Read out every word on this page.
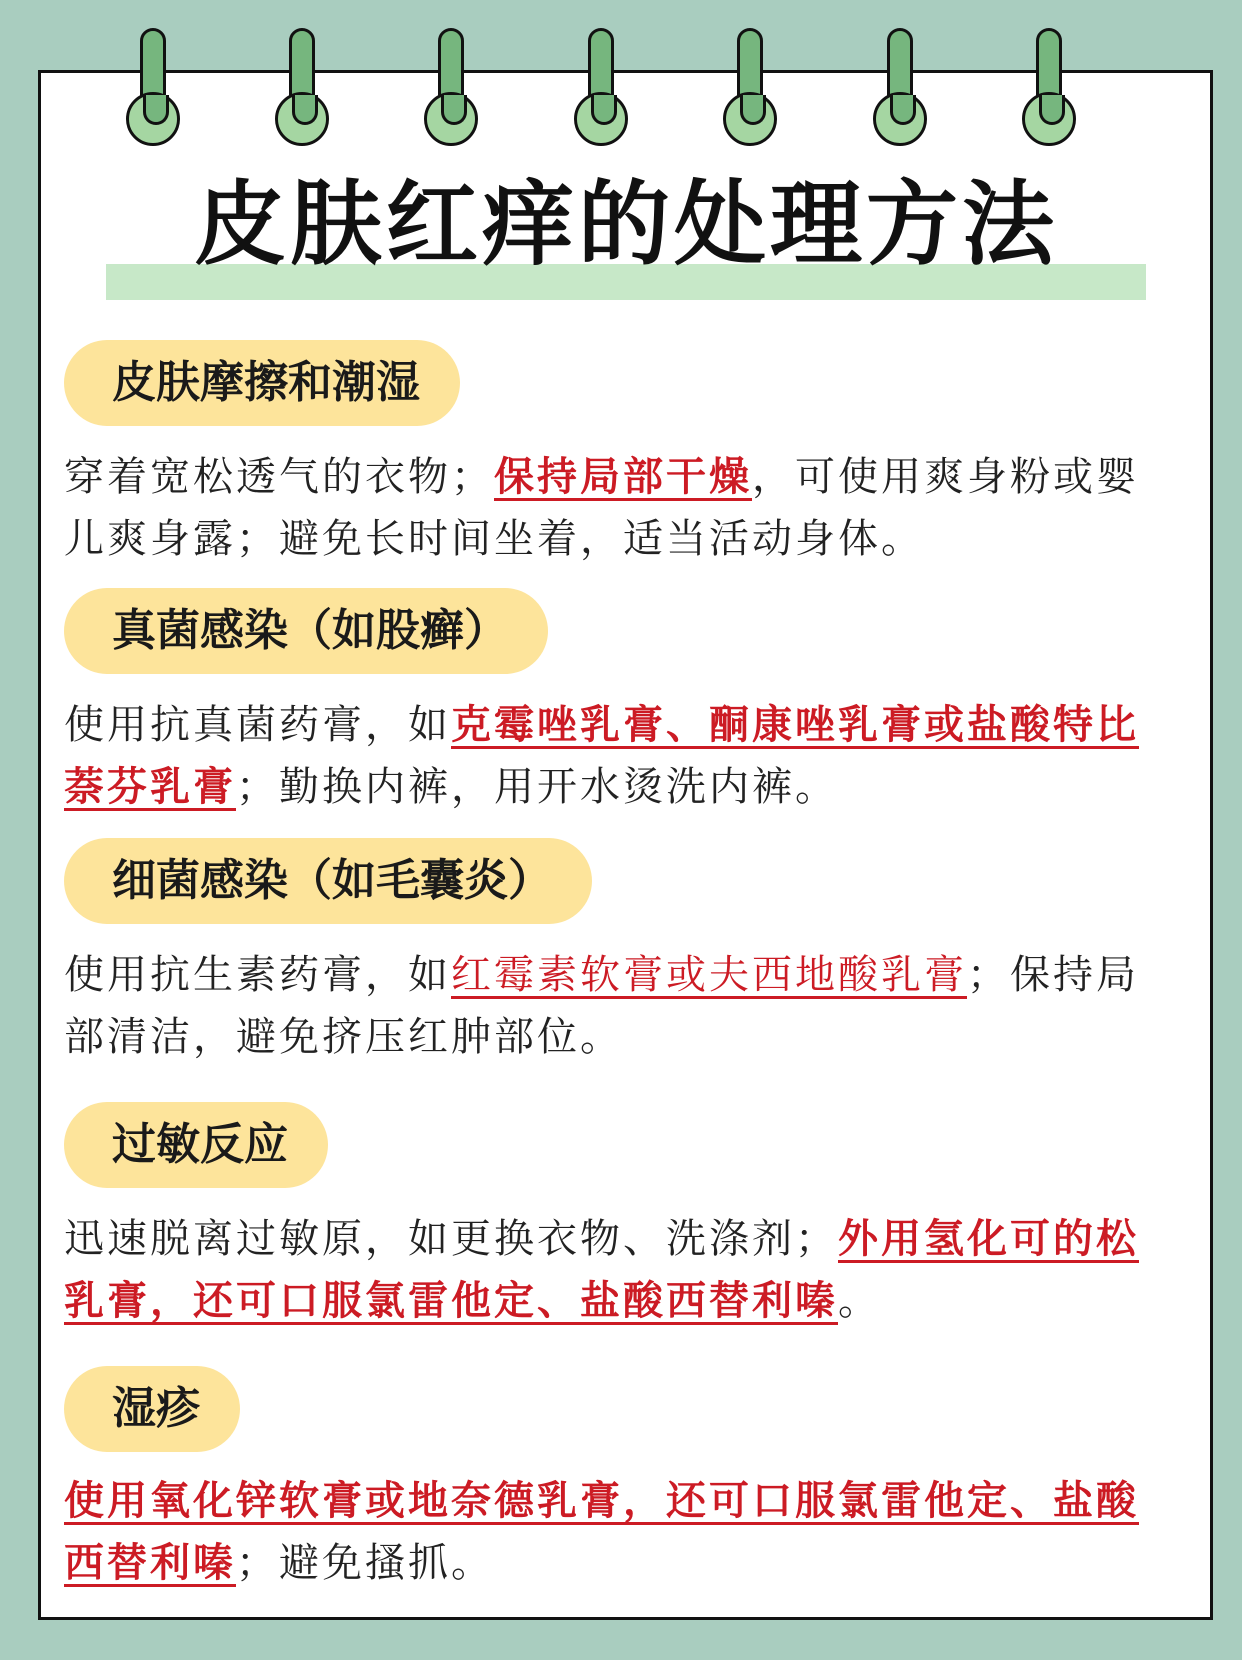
皮肤红痒的处理方法
皮肤摩擦和潮湿
穿着宽松透气的衣物；保持局部干燥，可使用爽身粉或婴儿爽身露；避免长时间坐着，适当活动身体。
真菌感染（如股癣）
使用抗真菌药膏，如克霉唑乳膏、酮康唑乳膏或盐酸特比萘芬乳膏；勤换内裤，用开水烫洗内裤。
细菌感染（如毛囊炎）
使用抗生素药膏，如红霉素软膏或夫西地酸乳膏；保持局部清洁，避免挤压红肿部位。
过敏反应
迅速脱离过敏原，如更换衣物、洗涤剂；外用氢化可的松乳膏，还可口服氯雷他定、盐酸西替利嗪。
湿疹
使用氧化锌软膏或地奈德乳膏，还可口服氯雷他定、盐酸西替利嗪；避免搔抓。
